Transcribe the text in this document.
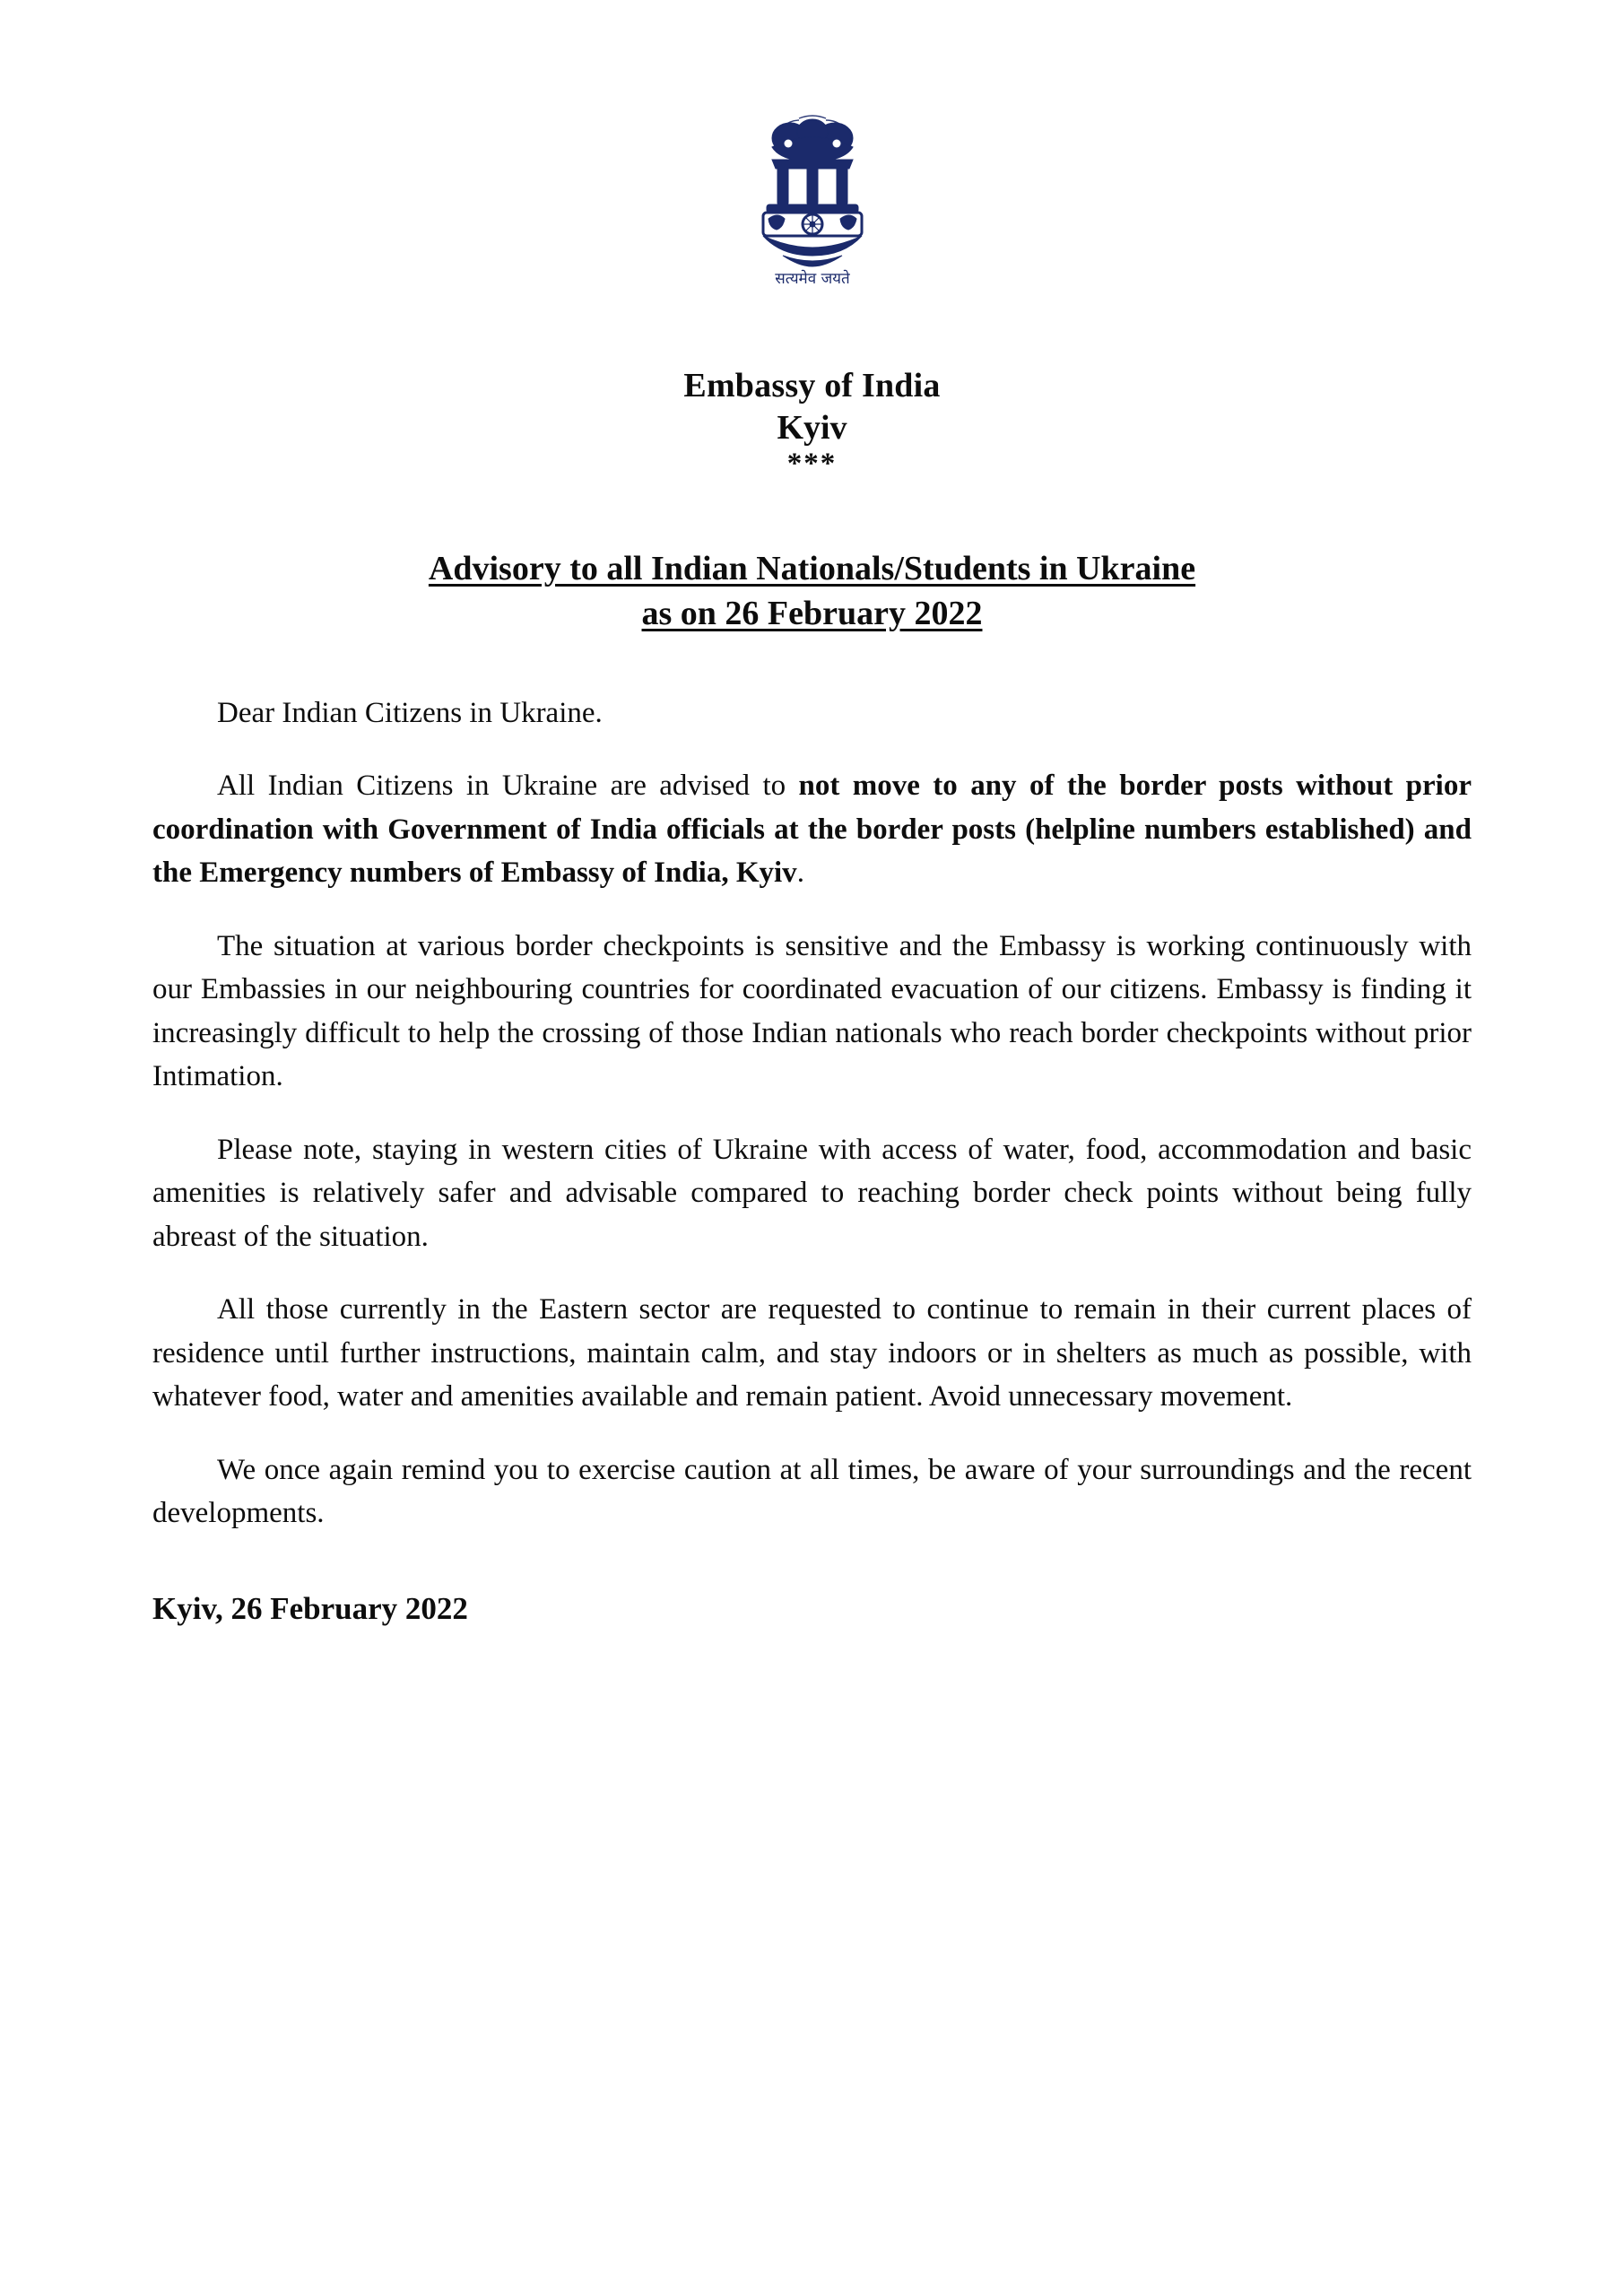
सत्यमेव जयते
Embassy of India
Kyiv
***
Advisory to all Indian Nationals/Students in Ukraine
as on 26 February 2022

Dear Indian Citizens in Ukraine.

All Indian Citizens in Ukraine are advised to not move to any of the border posts without prior coordination with Government of India officials at the border posts (helpline numbers established) and the Emergency numbers of Embassy of India, Kyiv.

The situation at various border checkpoints is sensitive and the Embassy is working continuously with our Embassies in our neighbouring countries for coordinated evacuation of our citizens. Embassy is finding it increasingly difficult to help the crossing of those Indian nationals who reach border checkpoints without prior Intimation.

Please note, staying in western cities of Ukraine with access of water, food, accommodation and basic amenities is relatively safer and advisable compared to reaching border check points without being fully abreast of the situation.

All those currently in the Eastern sector are requested to continue to remain in their current places of residence until further instructions, maintain calm, and stay indoors or in shelters as much as possible, with whatever food, water and amenities available and remain patient. Avoid unnecessary movement.

We once again remind you to exercise caution at all times, be aware of your surroundings and the recent developments.

Kyiv, 26 February 2022
